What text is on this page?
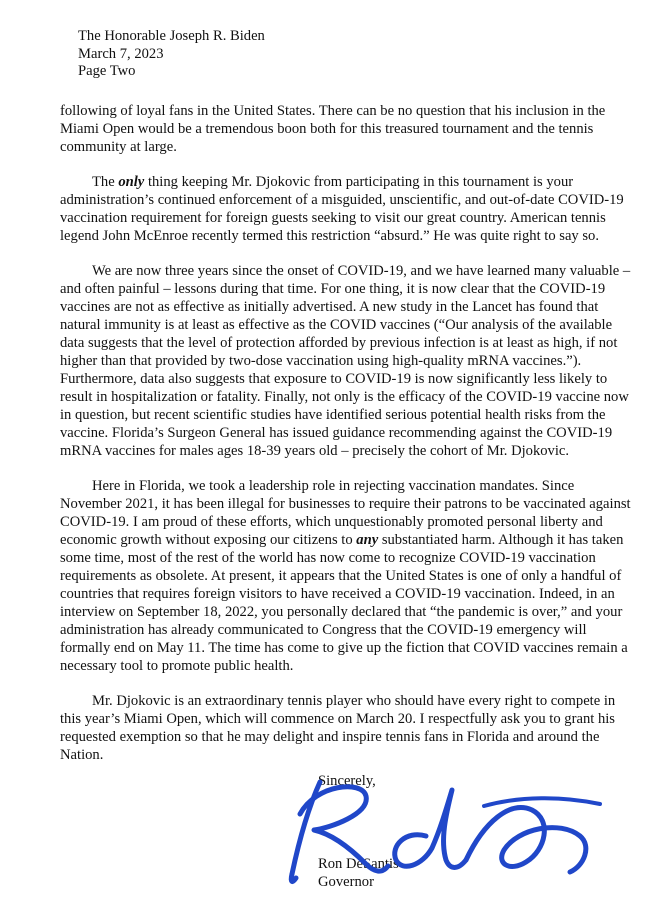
The Honorable Joseph R. Biden
March 7, 2023
Page Two

following of loyal fans in the United States. There can be no question that his inclusion in the Miami Open would be a tremendous boon both for this treasured tournament and the tennis community at large.

The only thing keeping Mr. Djokovic from participating in this tournament is your administration’s continued enforcement of a misguided, unscientific, and out-of-date COVID-19 vaccination requirement for foreign guests seeking to visit our great country. American tennis legend John McEnroe recently termed this restriction “absurd.” He was quite right to say so.

We are now three years since the onset of COVID-19, and we have learned many valuable – and often painful – lessons during that time. For one thing, it is now clear that the COVID-19 vaccines are not as effective as initially advertised. A new study in the Lancet has found that natural immunity is at least as effective as the COVID vaccines (“Our analysis of the available data suggests that the level of protection afforded by previous infection is at least as high, if not higher than that provided by two-dose vaccination using high-quality mRNA vaccines.”). Furthermore, data also suggests that exposure to COVID-19 is now significantly less likely to result in hospitalization or fatality. Finally, not only is the efficacy of the COVID-19 vaccine now in question, but recent scientific studies have identified serious potential health risks from the vaccine. Florida’s Surgeon General has issued guidance recommending against the COVID-19 mRNA vaccines for males ages 18-39 years old – precisely the cohort of Mr. Djokovic.

Here in Florida, we took a leadership role in rejecting vaccination mandates. Since November 2021, it has been illegal for businesses to require their patrons to be vaccinated against COVID-19. I am proud of these efforts, which unquestionably promoted personal liberty and economic growth without exposing our citizens to any substantiated harm. Although it has taken some time, most of the rest of the world has now come to recognize COVID-19 vaccination requirements as obsolete. At present, it appears that the United States is one of only a handful of countries that requires foreign visitors to have received a COVID-19 vaccination. Indeed, in an interview on September 18, 2022, you personally declared that “the pandemic is over,” and your administration has already communicated to Congress that the COVID-19 emergency will formally end on May 11. The time has come to give up the fiction that COVID vaccines remain a necessary tool to promote public health.

Mr. Djokovic is an extraordinary tennis player who should have every right to compete in this year’s Miami Open, which will commence on March 20. I respectfully ask you to grant his requested exemption so that he may delight and inspire tennis fans in Florida and around the Nation.

Sincerely,
Ron DeSantis
Governor
